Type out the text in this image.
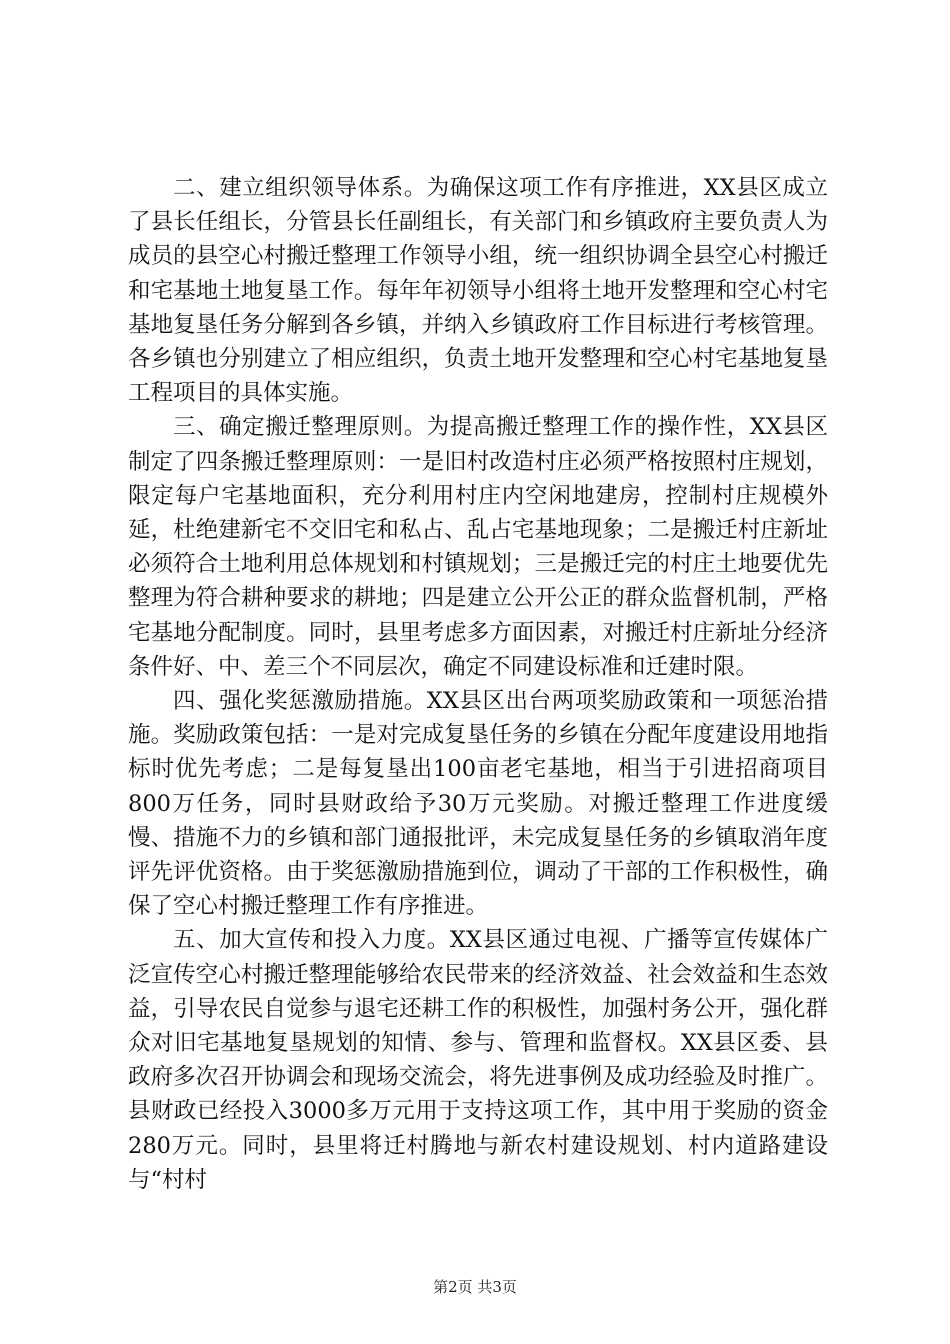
二、建立组织领导体系。为确保这项工作有序推进，XX县区成立了县长任组长，分管县长任副组长，有关部门和乡镇政府主要负责人为成员的县空心村搬迁整理工作领导小组，统一组织协调全县空心村搬迁和宅基地土地复垦工作。每年年初领导小组将土地开发整理和空心村宅基地复垦任务分解到各乡镇，并纳入乡镇政府工作目标进行考核管理。各乡镇也分别建立了相应组织，负责土地开发整理和空心村宅基地复垦工程项目的具体实施。

三、确定搬迁整理原则。为提高搬迁整理工作的操作性，XX县区制定了四条搬迁整理原则：一是旧村改造村庄必须严格按照村庄规划，限定每户宅基地面积，充分利用村庄内空闲地建房，控制村庄规模外延，杜绝建新宅不交旧宅和私占、乱占宅基地现象；二是搬迁村庄新址必须符合土地利用总体规划和村镇规划；三是搬迁完的村庄土地要优先整理为符合耕种要求的耕地；四是建立公开公正的群众监督机制，严格宅基地分配制度。同时，县里考虑多方面因素，对搬迁村庄新址分经济条件好、中、差三个不同层次，确定不同建设标准和迁建时限。

四、强化奖惩激励措施。XX县区出台两项奖励政策和一项惩治措施。奖励政策包括：一是对完成复垦任务的乡镇在分配年度建设用地指标时优先考虑；二是每复垦出100亩老宅基地，相当于引进招商项目800万任务，同时县财政给予30万元奖励。对搬迁整理工作进度缓慢、措施不力的乡镇和部门通报批评，未完成复垦任务的乡镇取消年度评先评优资格。由于奖惩激励措施到位，调动了干部的工作积极性，确保了空心村搬迁整理工作有序推进。

五、加大宣传和投入力度。XX县区通过电视、广播等宣传媒体广泛宣传空心村搬迁整理能够给农民带来的经济效益、社会效益和生态效益，引导农民自觉参与退宅还耕工作的积极性，加强村务公开，强化群众对旧宅基地复垦规划的知情、参与、管理和监督权。XX县区委、县政府多次召开协调会和现场交流会，将先进事例及成功经验及时推广。县财政已经投入3000多万元用于支持这项工作，其中用于奖励的资金280万元。同时，县里将迁村腾地与新农村建设规划、村内道路建设与“村村

第2页 共3页
